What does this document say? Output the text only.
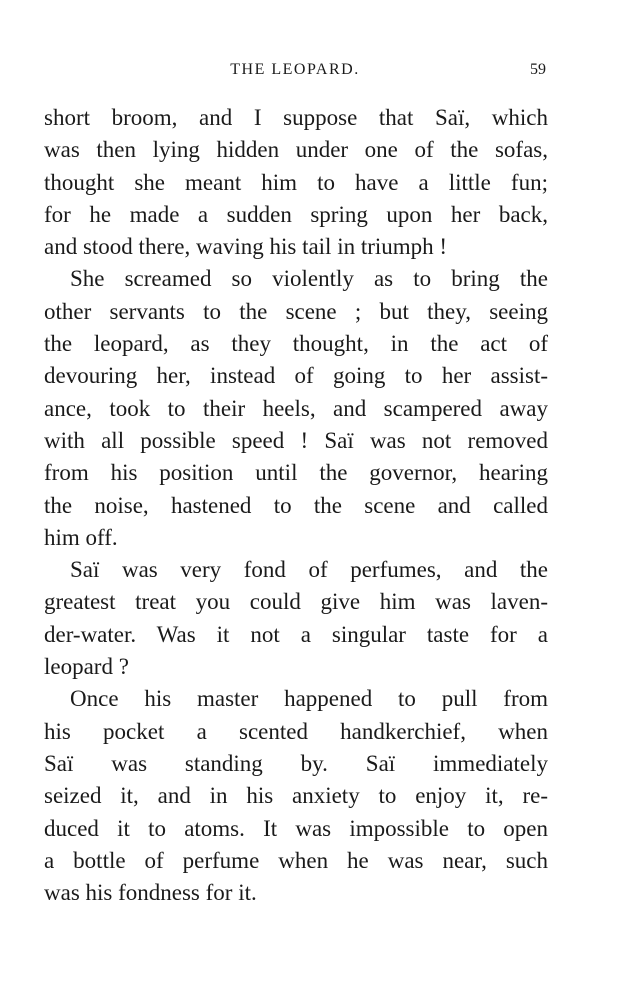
THE LEOPARD.	59
short broom, and I suppose that Saï, which
was then lying hidden under one of the sofas,
thought she meant him to have a little fun;
for he made a sudden spring upon her back,
and stood there, waving his tail in triumph !
She screamed so violently as to bring the
other servants to the scene ; but they, seeing
the leopard, as they thought, in the act of
devouring her, instead of going to her assist-
ance, took to their heels, and scampered away
with all possible speed ! Saï was not removed
from his position until the governor, hearing
the noise, hastened to the scene and called
him off.
Saï was very fond of perfumes, and the
greatest treat you could give him was laven-
der-water. Was it not a singular taste for a
leopard ?
Once his master happened to pull from
his pocket a scented handkerchief, when
Saï was standing by. Saï immediately
seized it, and in his anxiety to enjoy it, re-
duced it to atoms. It was impossible to open
a bottle of perfume when he was near, such
was his fondness for it.
